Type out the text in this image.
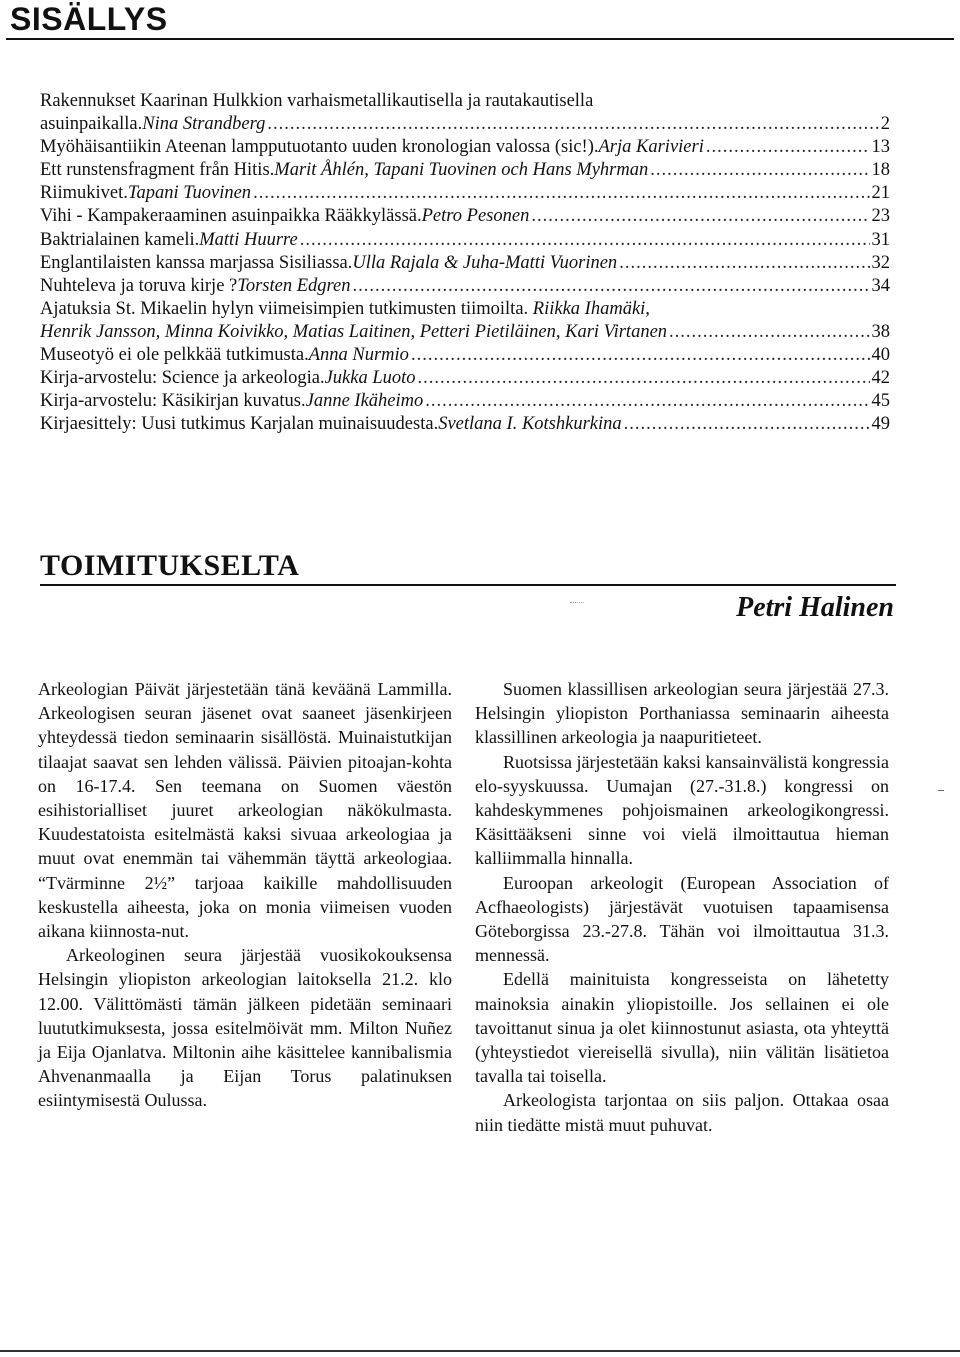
SISÄLLYS
Rakennukset Kaarinan Hulkkion varhaismetallikautisella ja rautakautisella
asuinpaikalla. Nina Strandberg .....	2
Myöhäisantiikin Ateenan lampputuotanto uuden kronologian valossa (sic!). Arja Karivieri .....	13
Ett runstensfragment från Hitis. Marit Åhlén, Tapani Tuovinen och Hans Myhrman .....	18
Riimukivet. Tapani Tuovinen .....	21
Vihi - Kampakeraaminen asuinpaikka Rääkkylässä. Petro Pesonen .....	23
Baktrialainen kameli. Matti Huurre .....	31
Englantilaisten kanssa marjassa Sisiliassa. Ulla Rajala & Juha-Matti Vuorinen .....	32
Nuhteleva ja toruva kirje ? Torsten Edgren .....	34
Ajatuksia St. Mikaelin hylyn viimeisimpien tutkimusten tiimoilta. Riikka Ihamäki,
Henrik Jansson, Minna Koivikko, Matias Laitinen, Petteri Pietiläinen, Kari Virtanen .....	38
Museotyö ei ole pelkkää tutkimusta. Anna Nurmio .....	40
Kirja-arvostelu: Science ja arkeologia. Jukka Luoto .....	42
Kirja-arvostelu: Käsikirjan kuvatus. Janne Ikäheimo .....	45
Kirjaesittely: Uusi tutkimus Karjalan muinaisuudesta. Svetlana I. Kotshkurkina .....	49
TOIMITUKSELTA
Petri Halinen

Arkeologian Päivät järjestetään tänä keväänä Lammilla. Arkeologisen seuran jäsenet ovat saaneet jäsenkirjeen yhteydessä tiedon seminaarin sisällöstä. Muinaistutkijan tilaajat saavat sen lehden välissä. Päivien pitoajan-kohta on 16-17.4. Sen teemana on Suomen väestön esihistorialliset juuret arkeologian näkökulmasta. Kuudestatoista esitelmästä kaksi sivuaa arkeologiaa ja muut ovat enemmän tai vähemmän täyttä arkeologiaa. “Tvärminne 2½” tarjoaa kaikille mahdollisuuden keskustella aiheesta, joka on monia viimeisen vuoden aikana kiinnosta-nut.

Arkeologinen seura järjestää vuosikokouksensa Helsingin yliopiston arkeologian laitoksella 21.2. klo 12.00. Välittömästi tämän jälkeen pidetään seminaari luututkimuksesta, jossa esitelmöivät mm. Milton Nuñez ja Eija Ojanlatva. Miltonin aihe käsittelee kannibalismia Ahvenanmaalla ja Eijan Torus palatinuksen esiintymisestä Oulussa.

Suomen klassillisen arkeologian seura järjestää 27.3. Helsingin yliopiston Porthaniassa seminaarin aiheesta klassillinen arkeologia ja naapuritieteet.

Ruotsissa järjestetään kaksi kansainvälistä kongressia elo-syyskuussa. Uumajan (27.-31.8.) kongressi on kahdeskymmenes pohjoismainen arkeologikongressi. Käsittääkseni sinne voi vielä ilmoittautua hieman kalliimmalla hinnalla.

Euroopan arkeologit (European Association of Acfhaeologists) järjestävät vuotuisen tapaamisensa Göteborgissa 23.-27.8. Tähän voi ilmoittautua 31.3. mennessä.

Edellä mainituista kongresseista on lähetetty mainoksia ainakin yliopistoille. Jos sellainen ei ole tavoittanut sinua ja olet kiinnostunut asiasta, ota yhteyttä (yhteystiedot viereisellä sivulla), niin välitän lisätietoa tavalla tai toisella.

Arkeologista tarjontaa on siis paljon. Ottakaa osaa niin tiedätte mistä muut puhuvat.
